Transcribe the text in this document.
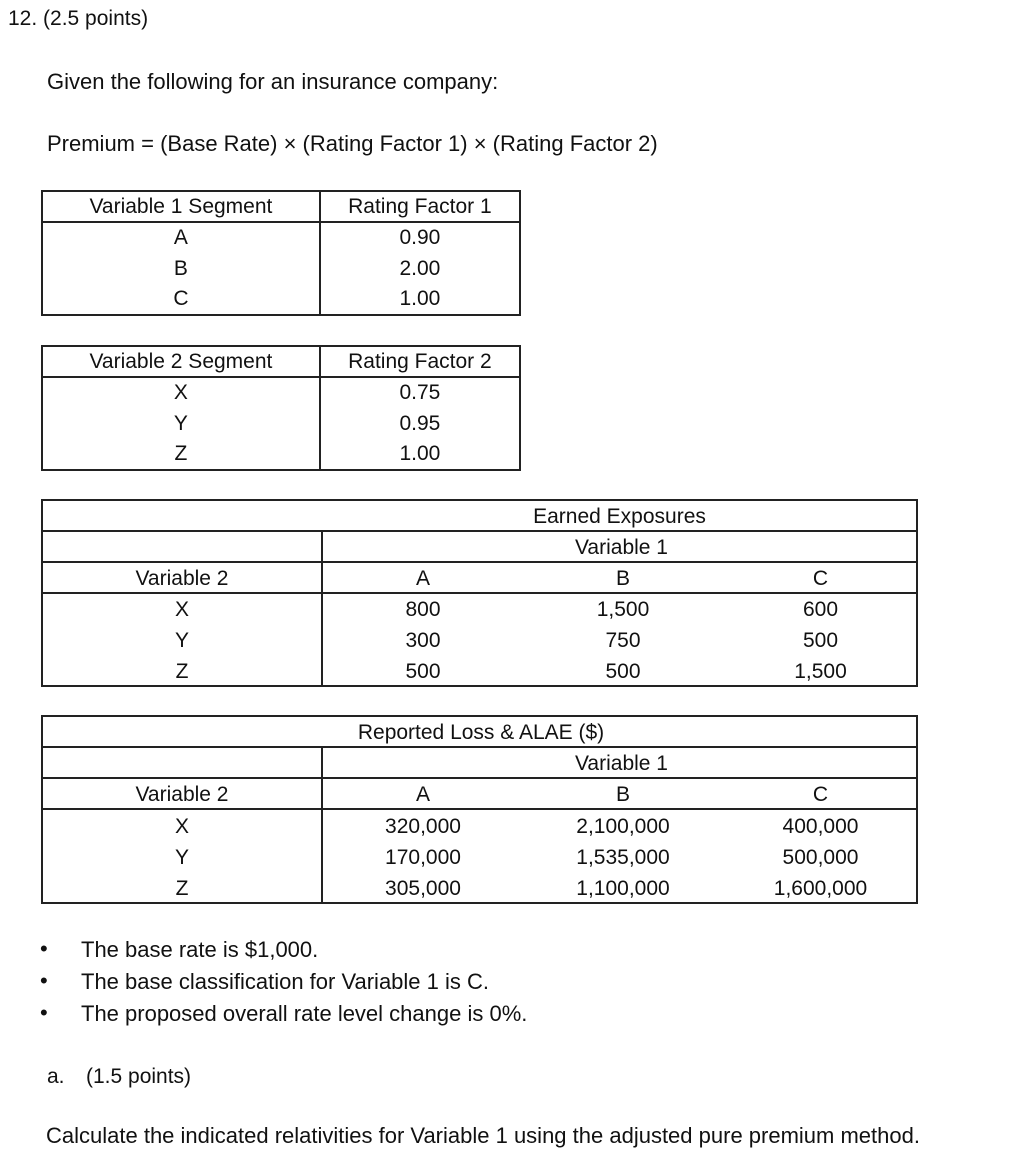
12. (2.5 points)
Given the following for an insurance company:
Premium = (Base Rate) × (Rating Factor 1) × (Rating Factor 2)
Variable 1 Segment	Rating Factor 1
A	0.90
B	2.00
C	1.00
Variable 2 Segment	Rating Factor 2
X	0.75
Y	0.95
Z	1.00
Earned Exposures
Variable 1
Variable 2	A	B	C
X	800	1,500	600
Y	300	750	500
Z	500	500	1,500
Reported Loss & ALAE ($)
Variable 1
Variable 2	A	B	C
X	320,000	2,100,000	400,000
Y	170,000	1,535,000	500,000
Z	305,000	1,100,000	1,600,000
• The base rate is $1,000.
• The base classification for Variable 1 is C.
• The proposed overall rate level change is 0%.
a. (1.5 points)
Calculate the indicated relativities for Variable 1 using the adjusted pure premium method.
